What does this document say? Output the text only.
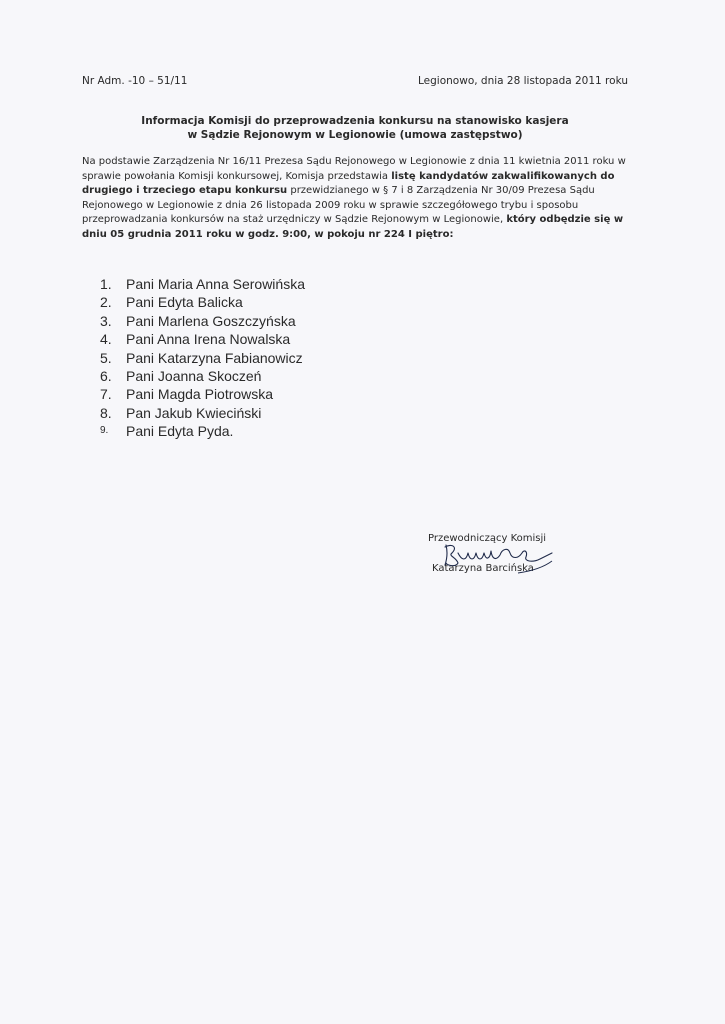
Nr Adm. -10 – 51/11	Legionowo, dnia 28 listopada 2011 roku
Informacja Komisji do przeprowadzenia konkursu na stanowisko kasjera
w Sądzie Rejonowym w Legionowie (umowa zastępstwo)
Na podstawie Zarządzenia Nr 16/11 Prezesa Sądu Rejonowego w Legionowie z dnia 11 kwietnia 2011 roku w sprawie powołania Komisji konkursowej, Komisja przedstawia listę kandydatów zakwalifikowanych do drugiego i trzeciego etapu konkursu przewidzianego w § 7 i 8 Zarządzenia Nr 30/09 Prezesa Sądu Rejonowego w Legionowie z dnia 26 listopada 2009 roku w sprawie szczegółowego trybu i sposobu przeprowadzania konkursów na staż urzędniczy w Sądzie Rejonowym w Legionowie, który odbędzie się w dniu 05 grudnia 2011 roku w godz. 9:00, w pokoju nr 224 I piętro:
1.	Pani Maria Anna Serowińska
2.	Pani Edyta Balicka
3.	Pani Marlena Goszczyńska
4.	Pani Anna Irena Nowalska
5.	Pani Katarzyna Fabianowicz
6.	Pani Joanna Skoczeń
7.	Pani Magda Piotrowska
8.	Pan Jakub Kwieciński
9.	Pani Edyta Pyda.
Przewodniczący Komisji
Katarzyna Barcińska
